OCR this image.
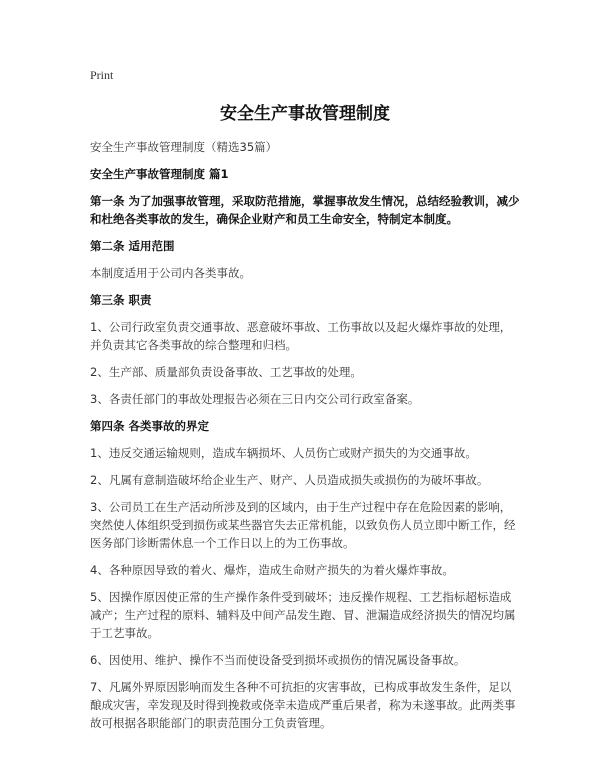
Print
安全生产事故管理制度
安全生产事故管理制度（精选35篇）
安全生产事故管理制度 篇1
第一条 为了加强事故管理，采取防范措施，掌握事故发生情况，总结经验教训，减少和杜绝各类事故的发生，确保企业财产和员工生命安全，特制定本制度。
第二条 适用范围
本制度适用于公司内各类事故。
第三条 职责
1、公司行政室负责交通事故、恶意破坏事故、工伤事故以及起火爆炸事故的处理，并负责其它各类事故的综合整理和归档。
2、生产部、质量部负责设备事故、工艺事故的处理。
3、各责任部门的事故处理报告必须在三日内交公司行政室备案。
第四条 各类事故的界定
1、违反交通运输规则，造成车辆损坏、人员伤亡或财产损失的为交通事故。
2、凡属有意制造破坏给企业生产、财产、人员造成损失或损伤的为破坏事故。
3、公司员工在生产活动所涉及到的区域内，由于生产过程中存在危险因素的影响，突然使人体组织受到损伤或某些器官失去正常机能，以致负伤人员立即中断工作，经医务部门诊断需休息一个工作日以上的为工伤事故。
4、各种原因导致的着火、爆炸，造成生命财产损失的为着火爆炸事故。
5、因操作原因使正常的生产操作条件受到破坏；违反操作规程、工艺指标超标造成减产；生产过程的原料、辅料及中间产品发生跑、冒、泄漏造成经济损失的情况均属于工艺事故。
6、因使用、维护、操作不当而使设备受到损坏或损伤的情况属设备事故。
7、凡属外界原因影响而发生各种不可抗拒的灾害事故，已构成事故发生条件，足以酿成灾害，幸发现及时得到挽救或侥幸未造成严重后果者，称为未遂事故。此两类事故可根据各职能部门的职责范围分工负责管理。
